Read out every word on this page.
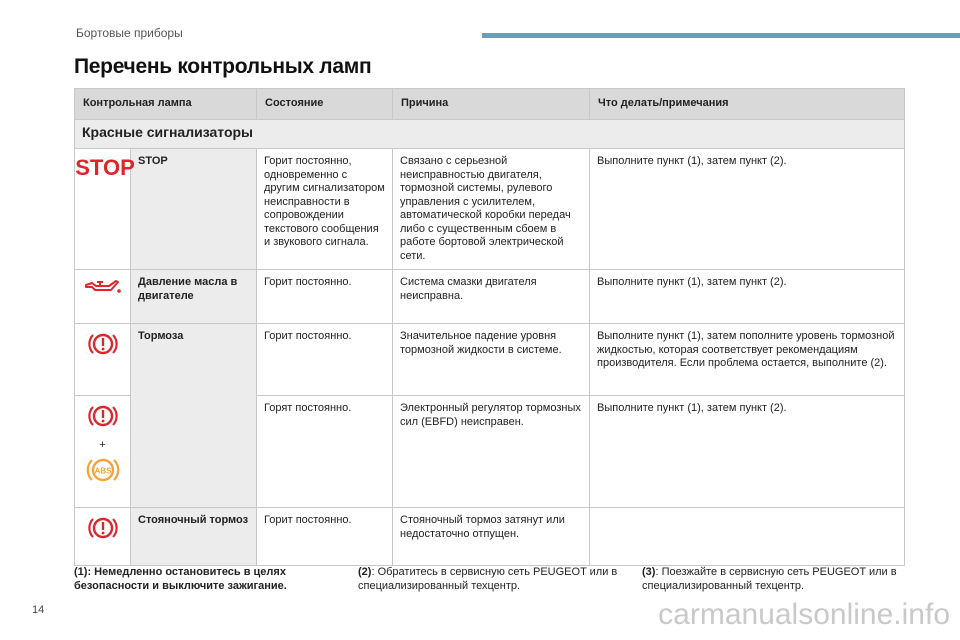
Бортовые приборы
Перечень контрольных ламп
Контрольная лампа		Состояние	Причина	Что делать/примечания
Красные сигнализаторы				

STOP	STOP	Горит постоянно, одновременно с другим сигнализатором неисправности в сопровождении текстового сообщения и звукового сигнала.	Связано с серьезной неисправностью двигателя, тормозной системы, рулевого управления с усилителем, автоматической коробки передач либо с существенным сбоем в работе бортовой электрической сети.	Выполните пункт (1), затем пункт (2).
	Давление масла в двигателе	Горит постоянно.	Система смазки двигателя неисправна.	Выполните пункт (1), затем пункт (2).
	Тормоза	Горит постоянно.	Значительное падение уровня тормозной жидкости в системе.	Выполните пункт (1), затем пополните уровень тормозной жидкостью, которая соответствует рекомендациям производителя. Если проблема остается, выполните (2).

+
ABS		Горят постоянно.	Электронный регулятор тормозных сил (EBFD) неисправен.	Выполните пункт (1), затем пункт (2).
	Стояночный тормоз	Горит постоянно.	Стояночный тормоз затянут или недостаточно отпущен.	
(1): Немедленно остановитесь в целях безопасности и выключите зажигание.
(2): Обратитесь в сервисную сеть PEUGEOT или в специализированный техцентр.
(3): Поезжайте в сервисную сеть PEUGEOT или в специализированный техцентр.
14	carmanualsonline.info
